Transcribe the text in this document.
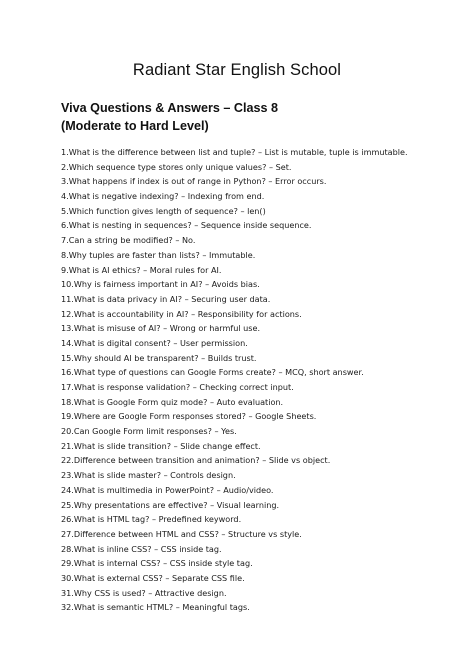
Radiant Star English School
Viva Questions & Answers – Class 8
(Moderate to Hard Level)
1.What is the difference between list and tuple? – List is mutable, tuple is immutable.
2.Which sequence type stores only unique values? – Set.
3.What happens if index is out of range in Python? – Error occurs.
4.What is negative indexing? – Indexing from end.
5.Which function gives length of sequence? – len()
6.What is nesting in sequences? – Sequence inside sequence.
7.Can a string be modified? – No.
8.Why tuples are faster than lists? – Immutable.
9.What is AI ethics? – Moral rules for AI.
10.Why is fairness important in AI? – Avoids bias.
11.What is data privacy in AI? – Securing user data.
12.What is accountability in AI? – Responsibility for actions.
13.What is misuse of AI? – Wrong or harmful use.
14.What is digital consent? – User permission.
15.Why should AI be transparent? – Builds trust.
16.What type of questions can Google Forms create? – MCQ, short answer.
17.What is response validation? – Checking correct input.
18.What is Google Form quiz mode? – Auto evaluation.
19.Where are Google Form responses stored? – Google Sheets.
20.Can Google Form limit responses? – Yes.
21.What is slide transition? – Slide change effect.
22.Difference between transition and animation? – Slide vs object.
23.What is slide master? – Controls design.
24.What is multimedia in PowerPoint? – Audio/video.
25.Why presentations are effective? – Visual learning.
26.What is HTML tag? – Predefined keyword.
27.Difference between HTML and CSS? – Structure vs style.
28.What is inline CSS? – CSS inside tag.
29.What is internal CSS? – CSS inside style tag.
30.What is external CSS? – Separate CSS file.
31.Why CSS is used? – Attractive design.
32.What is semantic HTML? – Meaningful tags.
